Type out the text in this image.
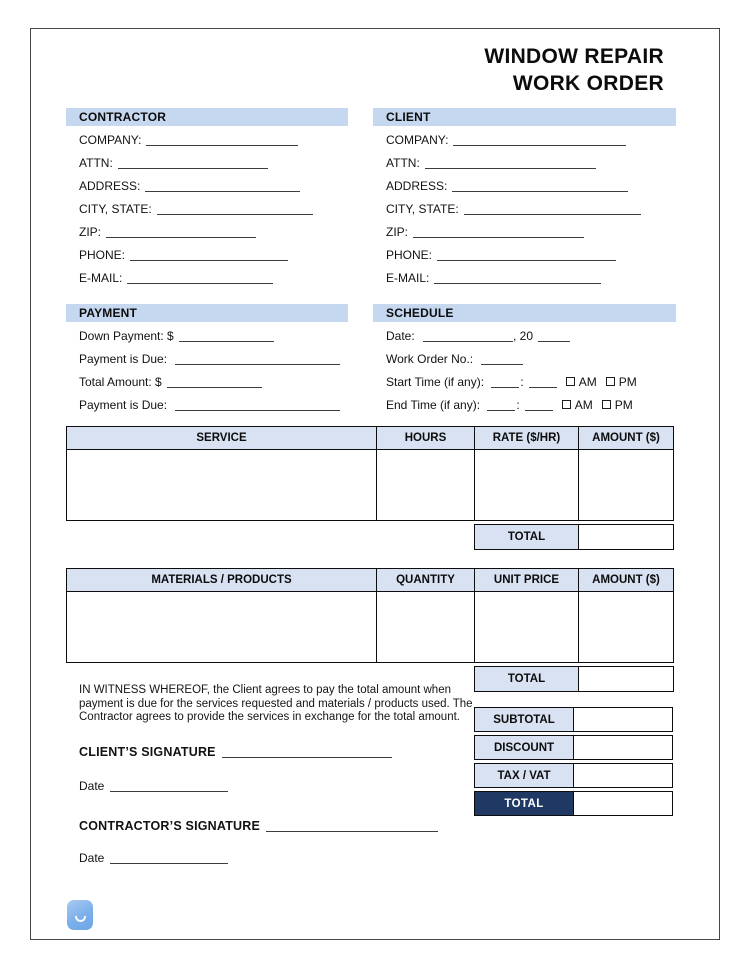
WINDOW REPAIR
WORK ORDER
CONTRACTOR
COMPANY:
ATTN:
ADDRESS:
CITY, STATE:
ZIP:
PHONE:
E-MAIL:
CLIENT
COMPANY:
ATTN:
ADDRESS:
CITY, STATE:
ZIP:
PHONE:
E-MAIL:
PAYMENT
Down Payment: $
Payment is Due:
Total Amount: $
Payment is Due:
SCHEDULE
Date:	, 20
Work Order No.:
Start Time (if any):	:	AM PM
End Time (if any):	:	AM PM
SERVICE	HOURS	RATE ($/HR)	AMOUNT ($)

		TOTAL	
MATERIALS / PRODUCTS	QUANTITY	UNIT PRICE	AMOUNT ($)

		TOTAL	
IN WITNESS WHEREOF, the Client agrees to pay the total amount when
payment is due for the services requested and materials / products used. The
Contractor agrees to provide the services in exchange for the total amount.
CLIENT’S SIGNATURE
Date
SUBTOTAL
DISCOUNT
TAX / VAT
TOTAL
CONTRACTOR’S SIGNATURE
Date
